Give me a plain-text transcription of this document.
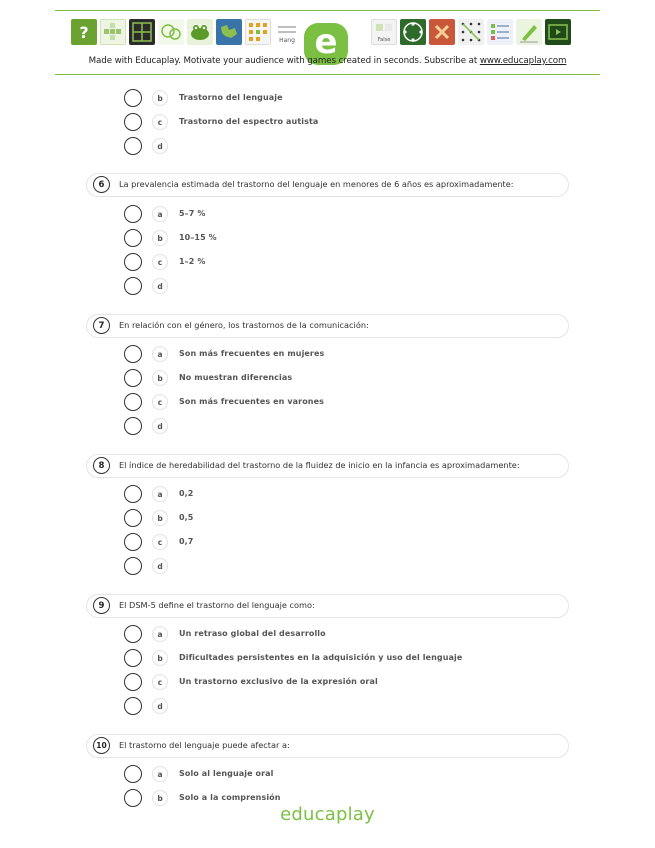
?	Hang e	False
Made with Educaplay. Motivate your audience with games created in seconds. Subscribe at www.educaplay.com
b	Trastorno del lenguaje
c	Trastorno del espectro autista
d
6	La prevalencia estimada del trastorno del lenguaje en menores de 6 años es aproximadamente:
a	5–7 %
b	10–15 %
c	1–2 %
d
7	En relación con el género, los trastornos de la comunicación:
a	Son más frecuentes en mujeres
b	No muestran diferencias
c	Son más frecuentes en varones
d
8	El índice de heredabilidad del trastorno de la fluidez de inicio en la infancia es aproximadamente:
a	0,2
b	0,5
c	0,7
d
9	El DSM-5 define el trastorno del lenguaje como:
a	Un retraso global del desarrollo
b	Dificultades persistentes en la adquisición y uso del lenguaje
c	Un trastorno exclusivo de la expresión oral
d
10	El trastorno del lenguaje puede afectar a:
a	Solo al lenguaje oral
b	Solo a la comprensión
educaplay
